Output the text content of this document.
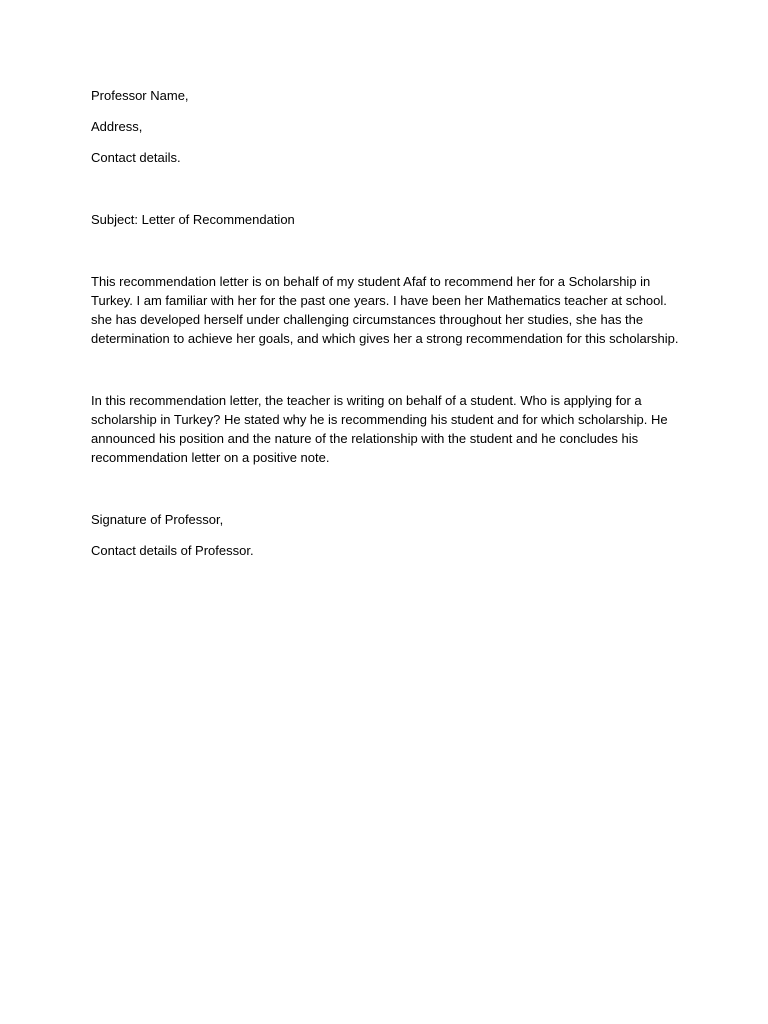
Professor Name,

Address,

Contact details.

Subject: Letter of Recommendation

This recommendation letter is on behalf of my student Afaf to recommend her for a Scholarship in Turkey. I am familiar with her for the past one years. I have been her Mathematics teacher at school. she has developed herself under challenging circumstances throughout her studies, she has the determination to achieve her goals, and which gives her a strong recommendation for this scholarship.

In this recommendation letter, the teacher is writing on behalf of a student. Who is applying for a scholarship in Turkey? He stated why he is recommending his student and for which scholarship. He announced his position and the nature of the relationship with the student and he concludes his recommendation letter on a positive note.

Signature of Professor,

Contact details of Professor.
